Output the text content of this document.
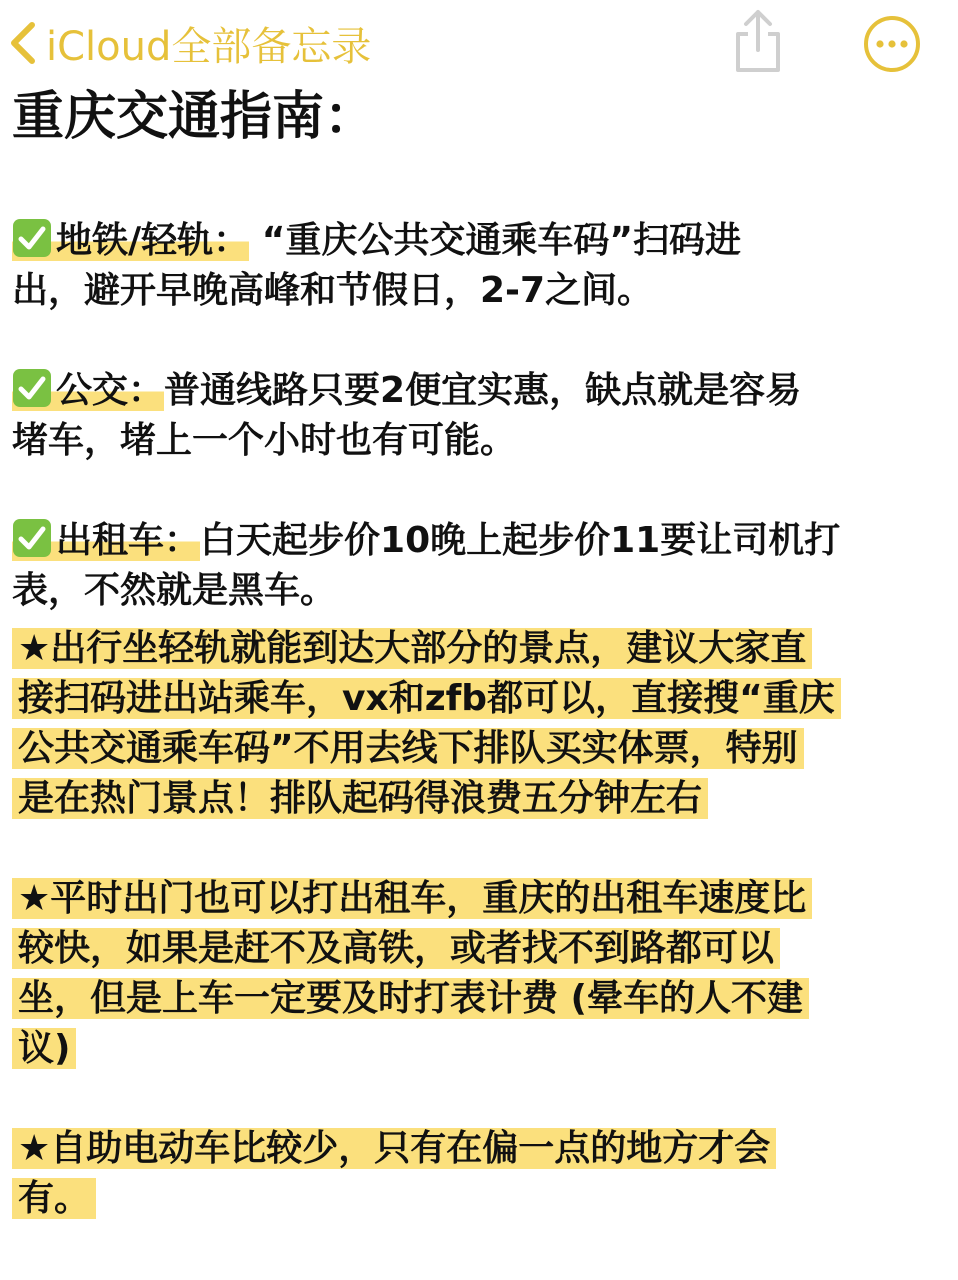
iCloud全部备忘录
重庆交通指南：

地铁/轻轨： “重庆公共交通乘车码”扫码进
出，避开早晚高峰和节假日，2-7之间。

公交：普通线路只要2便宜实惠，缺点就是容易
堵车，堵上一个小时也有可能。

出租车：白天起步价10晚上起步价11要让司机打
表，不然就是黑车。

★出行坐轻轨就能到达大部分的景点，建议大家直
接扫码进出站乘车，vx和zfb都可以，直接搜“重庆
公共交通乘车码”不用去线下排队买实体票，特别
是在热门景点！排队起码得浪费五分钟左右
★平时出门也可以打出租车，重庆的出租车速度比
较快，如果是赶不及高铁，或者找不到路都可以
坐，但是上车一定要及时打表计费 (晕车的人不建
议)
★自助电动车比较少，只有在偏一点的地方才会
有。
